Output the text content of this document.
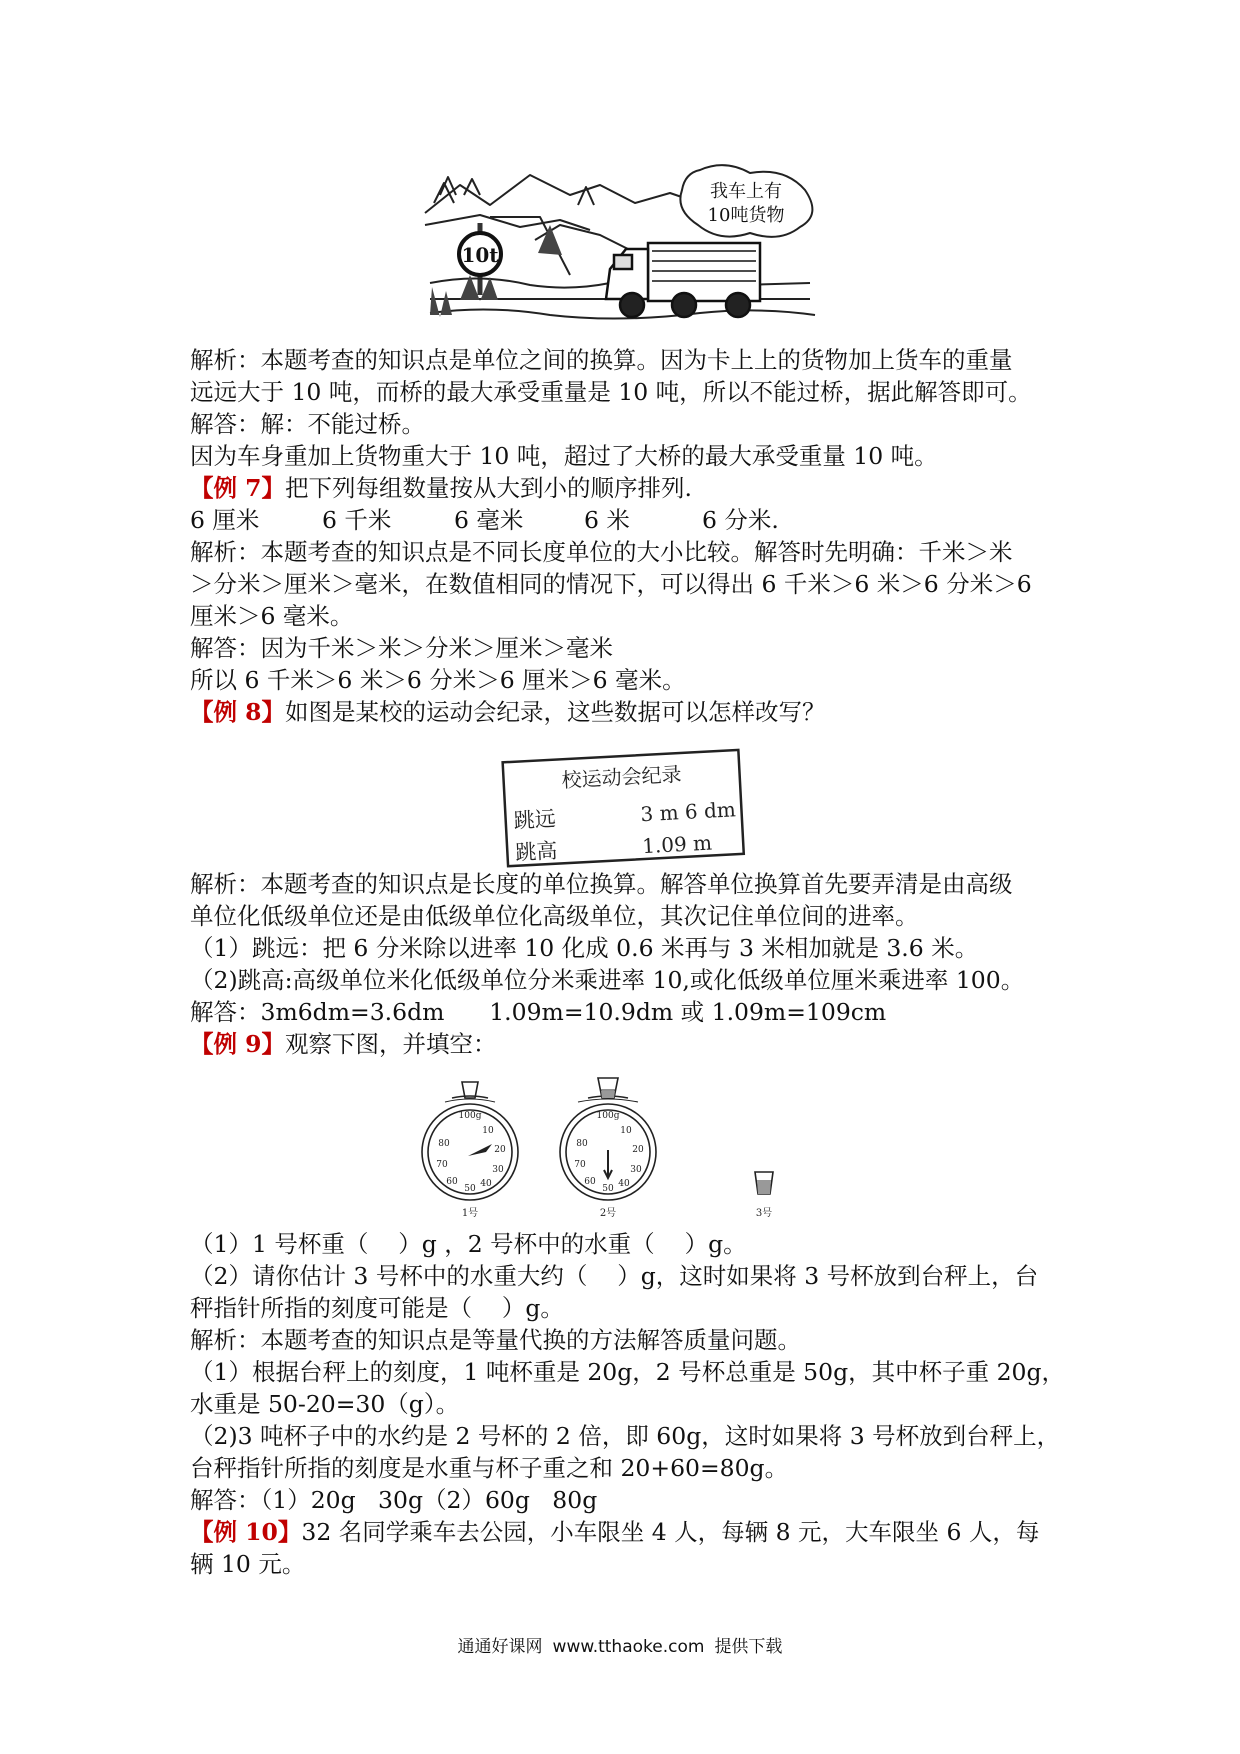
10t
我车上有
10吨货物
解析：本题考查的知识点是单位之间的换算。因为卡上上的货物加上货车的重量
远远大于 10 吨，而桥的最大承受重量是 10 吨，所以不能过桥，据此解答即可。
解答：解：不能过桥。
因为车身重加上货物重大于 10 吨，超过了大桥的最大承受重量 10 吨。
【例 7】把下列每组数量按从大到小的顺序排列.
6 厘米	6 千米	6 毫米	6 米	6 分米.
解析：本题考查的知识点是不同长度单位的大小比较。解答时先明确：千米＞米
＞分米＞厘米＞毫米，在数值相同的情况下，可以得出 6 千米＞6 米＞6 分米＞6
厘米＞6 毫米。
解答：因为千米＞米＞分米＞厘米＞毫米
所以 6 千米＞6 米＞6 分米＞6 厘米＞6 毫米。
【例 8】如图是某校的运动会纪录，这些数据可以怎样改写？
校运动会纪录
跳远	3 m 6 dm
跳高	1.09 m
解析：本题考查的知识点是长度的单位换算。解答单位换算首先要弄清是由高级
单位化低级单位还是由低级单位化高级单位，其次记住单位间的进率。
（1）跳远：把 6 分米除以进率 10 化成 0.6 米再与 3 米相加就是 3.6 米。
（2)跳高:高级单位米化低级单位分米乘进率 10,或化低级单位厘米乘进率 100。
解答：3m6dm=3.6dm      1.09m=10.9dm 或 1.09m=109cm
【例 9】观察下图，并填空：
100g
10
20
30
40
50
60
70
80
1号
100g
10
20
30
40
50
60
70
80
2号	3号
（1）1 号杯重（    ）g ，2 号杯中的水重（    ）g。
（2）请你估计 3 号杯中的水重大约（    ）g，这时如果将 3 号杯放到台秤上，台
秤指针所指的刻度可能是（    ）g。
解析：本题考查的知识点是等量代换的方法解答质量问题。
（1）根据台秤上的刻度，1 吨杯重是 20g，2 号杯总重是 50g，其中杯子重 20g，
水重是 50-20=30（g）。
（2)3 吨杯子中的水约是 2 号杯的 2 倍，即 60g，这时如果将 3 号杯放到台秤上，
台秤指针所指的刻度是水重与杯子重之和 20+60=80g。
解答：（1）20g   30g（2）60g   80g
【例 10】32 名同学乘车去公园，小车限坐 4 人，每辆 8 元，大车限坐 6 人，每
辆 10 元。
通通好课网 www.tthaoke.com 提供下载
